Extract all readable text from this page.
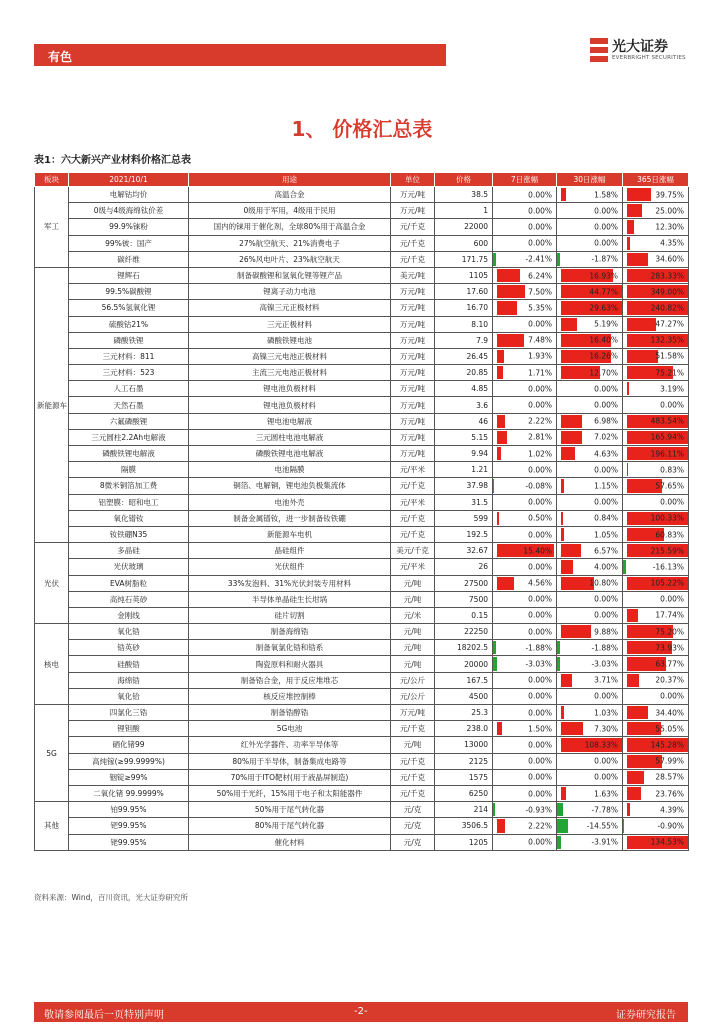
有色
光大证券
EVERBRIGHT SECURITIES
1、 价格汇总表
表1：六大新兴产业材料价格汇总表
板块	2021/10/1	用途	单位	价格	7日涨幅	30日涨幅	365日涨幅
军工	电解钴均价	高温合金	万元/吨	38.5	0.00%	1.58%	39.75%

	0级与4级海绵钛价差	0级用于军用，4级用于民用	万元/吨	1	0.00%	0.00%	25.00%

	99.9%铼粉	国内的铼用于催化剂，全球80%用于高温合金	元/千克	22000	0.00%	0.00%	12.30%

	99%铍：国产	27%航空航天、21%消费电子	元/千克	600	0.00%	0.00%	4.35%

	碳纤维	26%风电叶片、23%航空航天	元/千克	171.75	-2.41%	-1.87%	34.60%

新能源车	锂辉石	制备碳酸锂和氢氧化锂等锂产品	美元/吨	1105	6.24%	16.93%	283.33%

	99.5%碳酸锂	锂离子动力电池	万元/吨	17.60	7.50%	44.77%	349.00%

	56.5%氢氧化锂	高镍三元正极材料	万元/吨	16.70	5.35%	29.63%	240.82%

	硫酸钴21%	三元正极材料	万元/吨	8.10	0.00%	5.19%	47.27%

	磷酸铁锂	磷酸铁锂电池	万元/吨	7.9	7.48%	16.40%	132.35%

	三元材料：811	高镍三元电池正极材料	万元/吨	26.45	1.93%	16.26%	51.58%

	三元材料：523	主流三元电池正极材料	万元/吨	20.85	1.71%	12.70%	75.21%

	人工石墨	锂电池负极材料	万元/吨	4.85	0.00%	0.00%	3.19%

	天然石墨	锂电池负极材料	万元/吨	3.6	0.00%	0.00%	0.00%

	六氟磷酸锂	锂电池电解液	万元/吨	46	2.22%	6.98%	483.54%

	三元圆柱2.2Ah电解液	三元圆柱电池电解液	万元/吨	5.15	2.81%	7.02%	165.94%

	磷酸铁锂电解液	磷酸铁锂电池电解液	万元/吨	9.94	1.02%	4.63%	196.11%

	隔膜	电池隔膜	元/平米	1.21	0.00%	0.00%	0.83%

	8微米铜箔加工费	铜箔、电解铜，锂电池负极集流体	元/千克	37.98	-0.08%	1.15%	57.65%

	铝塑膜：昭和电工	电池外壳	元/平米	31.5	0.00%	0.00%	0.00%

	氧化镨钕	制备金属镨钕，进一步制备钕铁硼	元/千克	599	0.50%	0.84%	100.33%

	钕铁硼N35	新能源车电机	元/千克	192.5	0.00%	1.05%	60.83%

光伏	多晶硅	晶硅组件	美元/千克	32.67	15.40%	6.57%	215.59%

	光伏玻璃	光伏组件	元/平米	26	0.00%	4.00%	-16.13%

	EVA树脂粒	33%发泡料、31%光伏封装专用材料	元/吨	27500	4.56%	10.80%	105.22%

	高纯石英砂	半导体单晶硅生长坩埚	元/吨	7500	0.00%	0.00%	0.00%

	金刚线	硅片切割	元/米	0.15	0.00%	0.00%	17.74%

核电	氧化锆	制备海绵锆	元/吨	22250	0.00%	9.88%	75.20%

	锆英砂	制备氧氯化锆和锆系	元/吨	18202.5	-1.88%	-1.88%	73.93%

	硅酸锆	陶瓷原料和耐火器具	元/吨	20000	-3.03%	-3.03%	63.77%

	海绵锆	制备锆合金，用于反应堆堆芯	元/公斤	167.5	0.00%	3.71%	20.37%

	氧化铪	核反应堆控制棒	元/公斤	4500	0.00%	0.00%	0.00%

5G	四氯化三锆	制备锆醇锆	万元/吨	25.3	0.00%	1.03%	34.40%

	锂钽酸	5G电池	元/千克	238.0	1.50%	7.30%	55.05%

	硒化锗99	红外光学器件、功率半导体等	元/吨	13000	0.00%	108.33%	145.28%

	高纯镓(≥99.9999%)	80%用于半导体，制备集成电路等	元/千克	2125	0.00%	0.00%	57.99%

	铟锭≥99%	70%用于ITO靶材(用于液晶屏制造)	元/千克	1575	0.00%	0.00%	28.57%

	二氧化锗 99.9999%	50%用于光纤，15%用于电子和太阳能器件	元/千克	6250	0.00%	1.63%	23.76%

其他	铂99.95%	50%用于尾气转化器	元/克	214	-0.93%	-7.78%	4.39%

	钯99.95%	80%用于尾气转化器	元/克	3506.5	2.22%	-14.55%	-0.90%

	铑99.95%	催化材料	元/克	1205	0.00%	-3.91%	134.53%
资料来源：Wind，百川资讯，光大证券研究所
敬请参阅最后一页特别声明	-2-	证券研究报告
